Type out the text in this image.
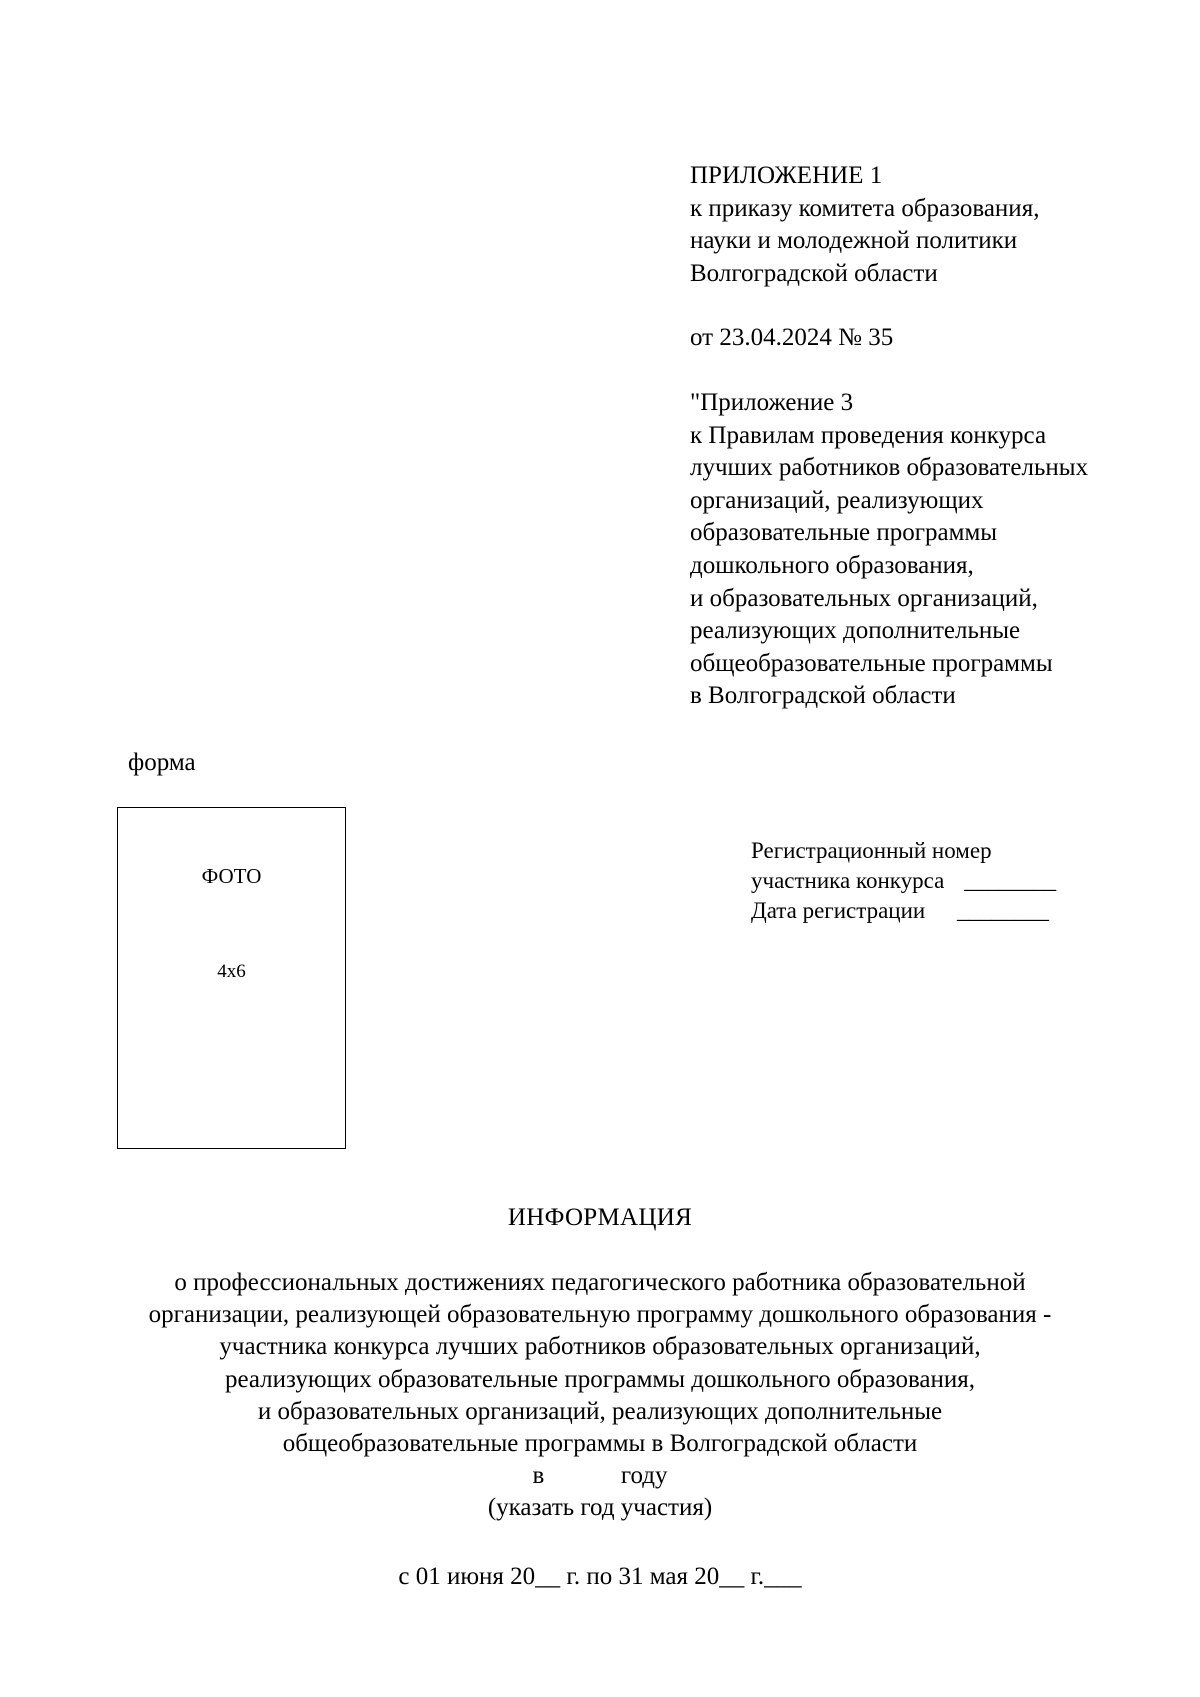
ПРИЛОЖЕНИЕ 1
к приказу комитета образования,
науки и молодежной политики
Волгоградской области
от 23.04.2024 № 35
"Приложение 3
к Правилам проведения конкурса
лучших работников образовательных
организаций, реализующих
образовательные программы
дошкольного образования,
и образовательных организаций,
реализующих дополнительные
общеобразовательные программы
в Волгоградской области
форма
ФОТО
4x6
Регистрационный номер
участника конкурса ________
Дата регистрации ________
ИНФОРМАЦИЯ
о профессиональных достижениях педагогического работника образовательной
организации, реализующей образовательную программу дошкольного образования -
участника конкурса лучших работников образовательных организаций,
реализующих образовательные программы дошкольного образования,
и образовательных организаций, реализующих дополнительные
общеобразовательные программы в Волгоградской области
в	году
(указать год участия)
с 01 июня 20__ г. по 31 мая 20__ г.___
